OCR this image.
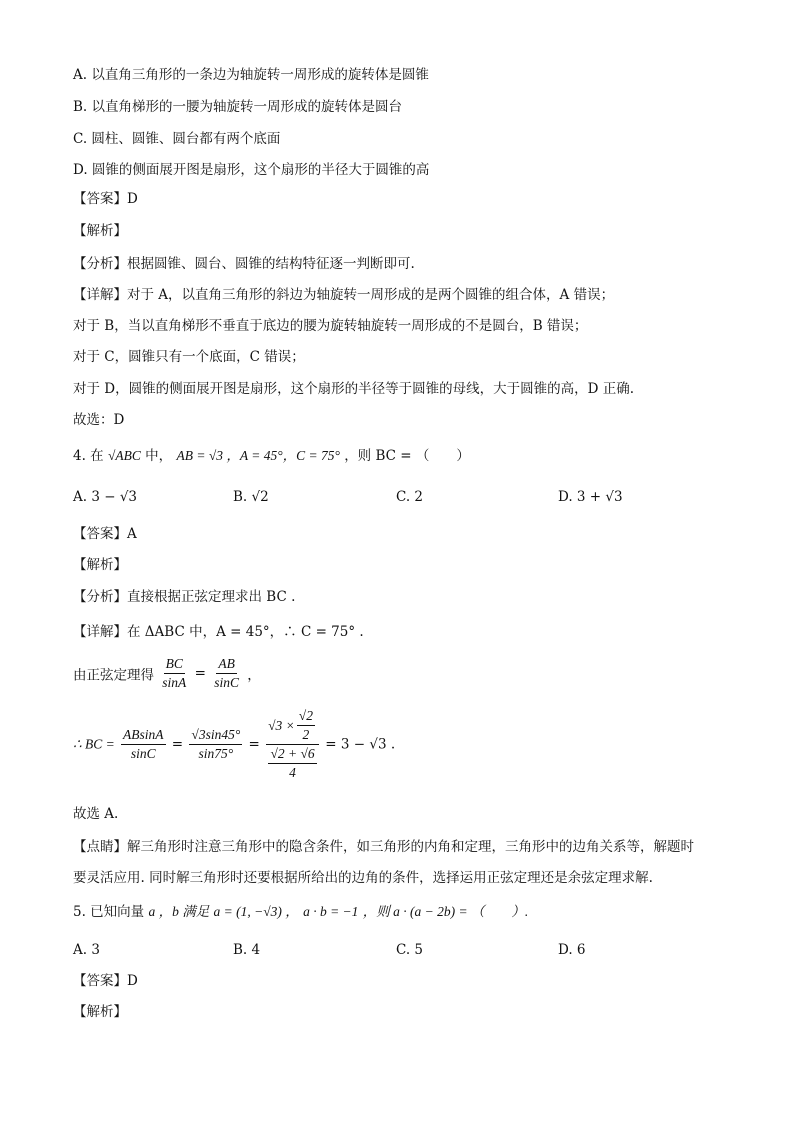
A. 以直角三角形的一条边为轴旋转一周形成的旋转体是圆锥
B. 以直角梯形的一腰为轴旋转一周形成的旋转体是圆台
C. 圆柱、圆锥、圆台都有两个底面
D. 圆锥的侧面展开图是扇形，这个扇形的半径大于圆锥的高
【答案】D
【解析】
【分析】根据圆锥、圆台、圆锥的结构特征逐一判断即可.
【详解】对于 A，以直角三角形的斜边为轴旋转一周形成的是两个圆锥的组合体，A 错误；
对于 B，当以直角梯形不垂直于底边的腰为旋转轴旋转一周形成的不是圆台，B 错误；
对于 C，圆锥只有一个底面，C 错误；
对于 D，圆锥的侧面展开图是扇形，这个扇形的半径等于圆锥的母线，大于圆锥的高，D 正确.
故选：D
4. 在 √ABC 中， AB = √3 ，A = 45°，C = 75° ，则 BC = （　　）
A. 3 − √3	B. √2	C. 2	D. 3 + √3
【答案】A
【解析】
【分析】直接根据正弦定理求出 BC .
【详解】在 ΔABC 中，A = 45°，∴ C = 75° .
由正弦定理得 $\frac{BC}{\sin A} = \frac{AB}{\sin C}$ ，
∴ BC = $\frac{ABsinA}{\sin C} = \frac{√3\sin 45^\circ}{\sin 75^\circ} = \frac{√3 \times \frac{√2}{2}}{\frac{√2 + √6}{4}} = 3 - √3$ .
故选 A.
【点睛】解三角形时注意三角形中的隐含条件，如三角形的内角和定理，三角形中的边角关系等，解题时
要灵活应用. 同时解三角形时还要根据所给出的边角的条件，选择运用正弦定理还是余弦定理求解.
5. 已知向量 a ，b 满足 a = (1, −√3) ， a · b = −1 ，则 a · (a − 2b) = （　　）.
A. 3	B. 4	C. 5	D. 6
【答案】D
【解析】
